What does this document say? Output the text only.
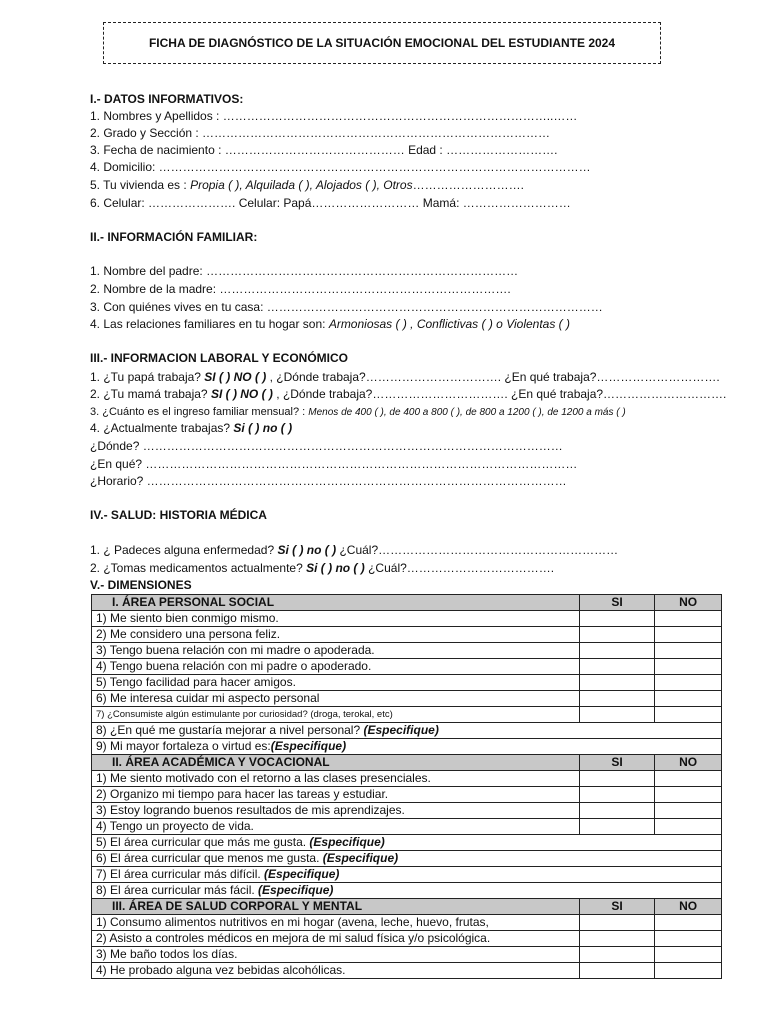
FICHA DE DIAGNÓSTICO DE LA SITUACIÓN EMOCIONAL DEL ESTUDIANTE 2024
I.- DATOS INFORMATIVOS:
1. Nombres y Apellidos : ………………………………………………………………………..……
2. Grado y Sección : ……………………………………………………………………………
3. Fecha de nacimiento : ……………………………………… Edad : ……………………….
4. Domicilio: ………………………………………………………………………………………………
5. Tu vivienda es : Propia ( ), Alquilada ( ), Alojados ( ), Otros……………………….
6. Celular: …………………. Celular: Papá……………………… Mamá: ………………………
II.- INFORMACIÓN FAMILIAR:
1. Nombre del padre: ……………………………………………………………………
2. Nombre de la madre: ……………………………………………………………….
3. Con quiénes vives en tu casa: …………………………………………………………………………
4. Las relaciones familiares en tu hogar son: Armoniosas ( ) , Conflictivas ( ) o Violentas ( )
III.- INFORMACION LABORAL Y ECONÓMICO
1. ¿Tu papá trabaja? SI ( ) NO ( ) , ¿Dónde trabaja?……………………………. ¿En qué trabaja?………………………….
2. ¿Tu mamá trabaja? SI ( ) NO ( ) , ¿Dónde trabaja?……………………………. ¿En qué trabaja?………………………….
3. ¿Cuánto es el ingreso familiar mensual? : Menos de 400 ( ), de 400 a 800 ( ), de 800 a 1200 ( ), de 1200 a más ( )
4. ¿Actualmente trabajas? Si ( ) no ( )
¿Dónde? ……………………………………………………………………………………………
¿En qué? ………………………………………………………………………………………………
¿Horario? ……………………………………………………………………………………………
IV.- SALUD: HISTORIA MÉDICA
1. ¿ Padeces alguna enfermedad? Si ( ) no ( ) ¿Cuál?……………………………………………………
2. ¿Tomas medicamentos actualmente? Si ( ) no ( ) ¿Cuál?……………………………….
V.- DIMENSIONES
I. ÁREA PERSONAL SOCIAL	SI	NO
1) Me siento bien conmigo mismo.		
2) Me considero una persona feliz.		
3) Tengo buena relación con mi madre o apoderada.		
4) Tengo buena relación con mi padre o apoderado.		
5) Tengo facilidad para hacer amigos.		
6) Me interesa cuidar mi aspecto personal		
7) ¿Consumiste algún estimulante por curiosidad? (droga, terokal, etc)		
8) ¿En qué me gustaría mejorar a nivel personal? (Especifique)		
9) Mi mayor fortaleza o virtud es:(Especifique)		
II. ÁREA ACADÉMICA Y VOCACIONAL	SI	NO
1) Me siento motivado con el retorno a las clases presenciales.		
2) Organizo mi tiempo para hacer las tareas y estudiar.		
3) Estoy logrando buenos resultados de mis aprendizajes.		
4) Tengo un proyecto de vida.		
5) El área curricular que más me gusta. (Especifique)		
6) El área curricular que menos me gusta. (Especifique)		
7) El área curricular más difícil. (Especifique)		
8) El área curricular más fácil. (Especifique)		
III. ÁREA DE SALUD CORPORAL Y MENTAL	SI	NO
1) Consumo alimentos nutritivos en mi hogar (avena, leche, huevo, frutas,		
2) Asisto a controles médicos en mejora de mi salud física y/o psicológica.		
3) Me baño todos los días.		
4) He probado alguna vez bebidas alcohólicas.		
